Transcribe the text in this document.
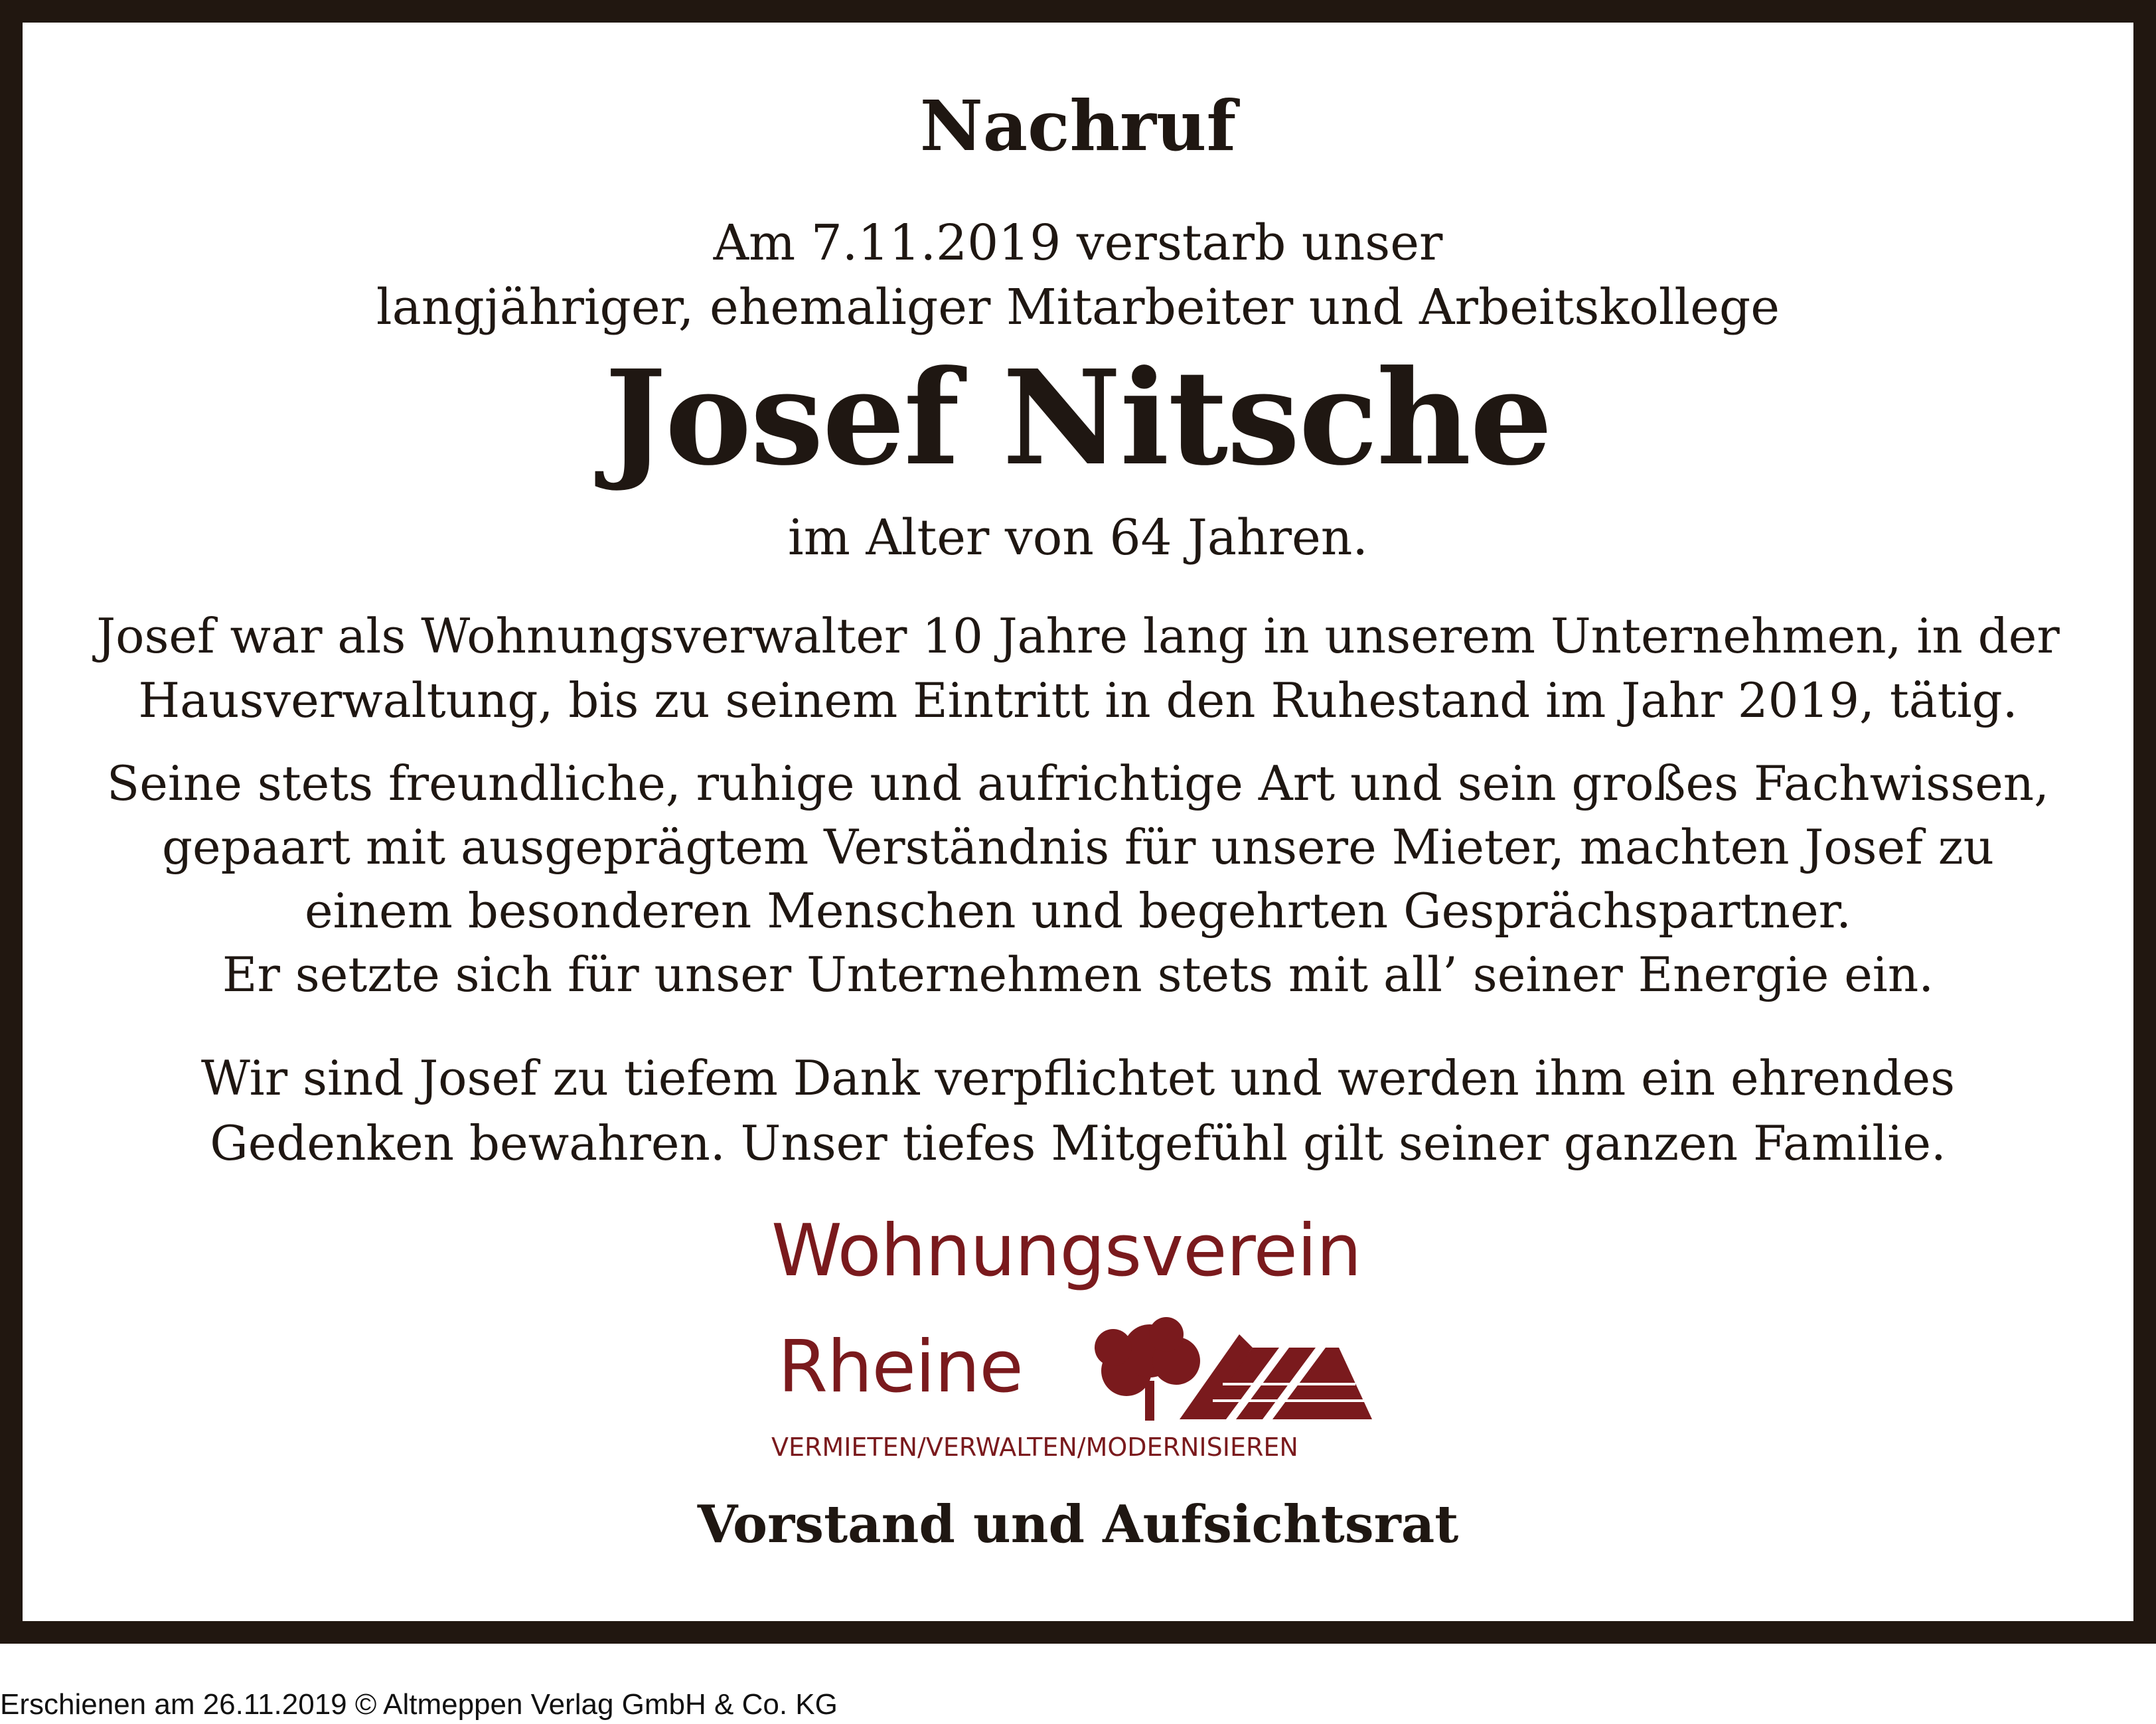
Nachruf

Am 7.11.2019 verstarb unser
langjähriger, ehemaliger Mitarbeiter und Arbeitskollege

Josef Nitsche

im Alter von 64 Jahren.

Josef war als Wohnungsverwalter 10 Jahre lang in unserem Unternehmen, in der
Hausverwaltung, bis zu seinem Eintritt in den Ruhestand im Jahr 2019, tätig.
Seine stets freundliche, ruhige und aufrichtige Art und sein großes Fachwissen,
gepaart mit ausgeprägtem Verständnis für unsere Mieter, machten Josef zu
einem besonderen Menschen und begehrten Gesprächspartner.
Er setzte sich für unser Unternehmen stets mit all’ seiner Energie ein.
Wir sind Josef zu tiefem Dank verpflichtet und werden ihm ein ehrendes
Gedenken bewahren. Unser tiefes Mitgefühl gilt seiner ganzen Familie.
Wohnungsverein
Rheine
VERMIETEN/VERWALTEN/MODERNISIEREN

Vorstand und Aufsichtsrat

Erschienen am 26.11.2019 © Altmeppen Verlag GmbH & Co. KG
